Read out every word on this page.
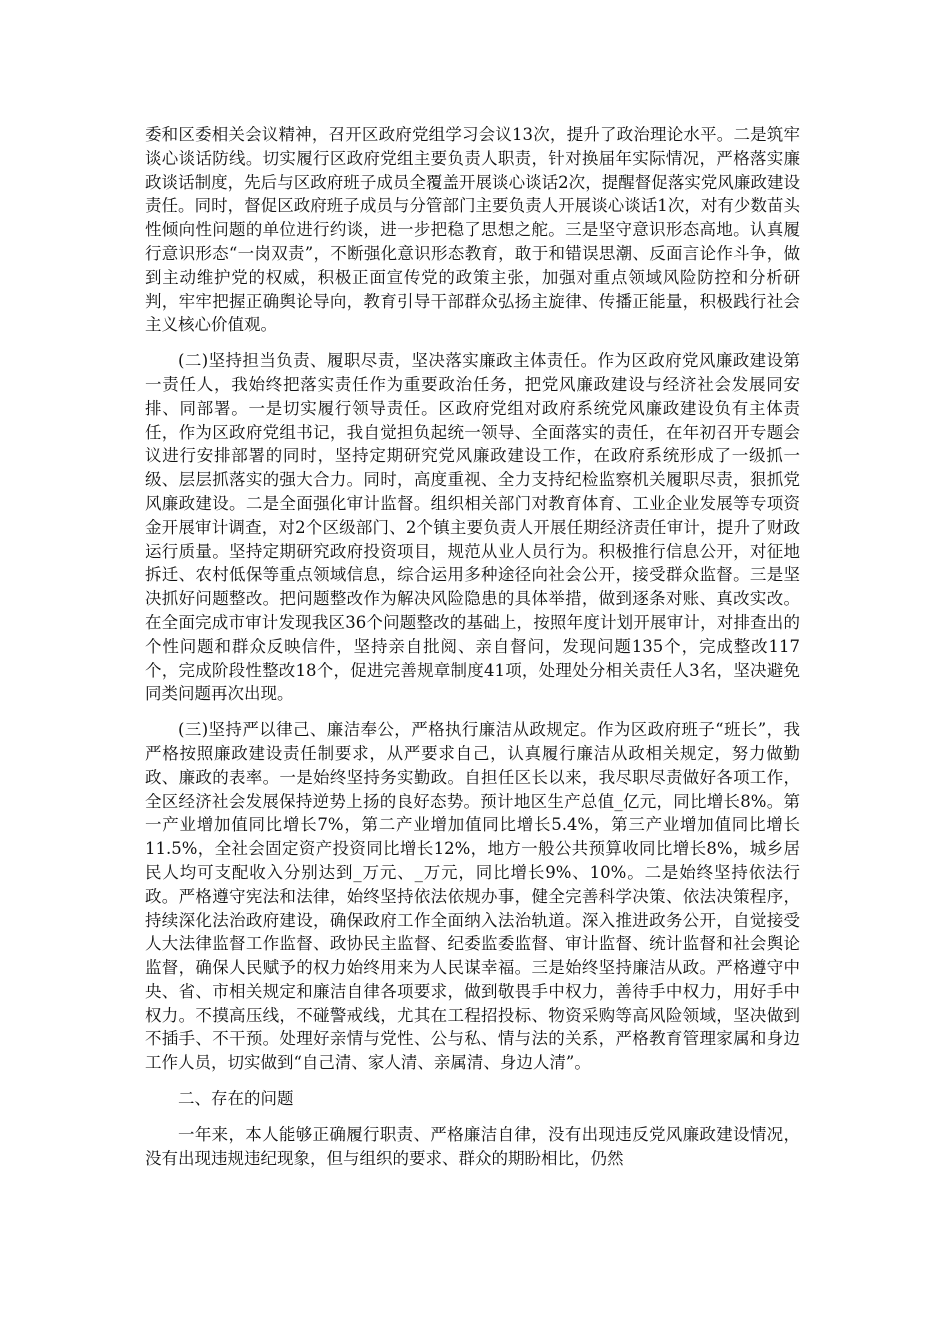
委和区委相关会议精神，召开区政府党组学习会议13次，提升了政治理论水平。二是筑牢谈心谈话防线。切实履行区政府党组主要负责人职责，针对换届年实际情况，严格落实廉政谈话制度，先后与区政府班子成员全覆盖开展谈心谈话2次，提醒督促落实党风廉政建设责任。同时，督促区政府班子成员与分管部门主要负责人开展谈心谈话1次，对有少数苗头性倾向性问题的单位进行约谈，进一步把稳了思想之舵。三是坚守意识形态高地。认真履行意识形态“一岗双责”，不断强化意识形态教育，敢于和错误思潮、反面言论作斗争，做到主动维护党的权威，积极正面宣传党的政策主张，加强对重点领域风险防控和分析研判，牢牢把握正确舆论导向，教育引导干部群众弘扬主旋律、传播正能量，积极践行社会主义核心价值观。

(二)坚持担当负责、履职尽责，坚决落实廉政主体责任。作为区政府党风廉政建设第一责任人，我始终把落实责任作为重要政治任务，把党风廉政建设与经济社会发展同安排、同部署。一是切实履行领导责任。区政府党组对政府系统党风廉政建设负有主体责任，作为区政府党组书记，我自觉担负起统一领导、全面落实的责任，在年初召开专题会议进行安排部署的同时，坚持定期研究党风廉政建设工作，在政府系统形成了一级抓一级、层层抓落实的强大合力。同时，高度重视、全力支持纪检监察机关履职尽责，狠抓党风廉政建设。二是全面强化审计监督。组织相关部门对教育体育、工业企业发展等专项资金开展审计调查，对2个区级部门、2个镇主要负责人开展任期经济责任审计，提升了财政运行质量。坚持定期研究政府投资项目，规范从业人员行为。积极推行信息公开，对征地拆迁、农村低保等重点领域信息，综合运用多种途径向社会公开，接受群众监督。三是坚决抓好问题整改。把问题整改作为解决风险隐患的具体举措，做到逐条对账、真改实改。在全面完成市审计发现我区36个问题整改的基础上，按照年度计划开展审计，对排查出的个性问题和群众反映信件，坚持亲自批阅、亲自督问，发现问题135个，完成整改117个，完成阶段性整改18个，促进完善规章制度41项，处理处分相关责任人3名，坚决避免同类问题再次出现。

(三)坚持严以律己、廉洁奉公，严格执行廉洁从政规定。作为区政府班子“班长”，我严格按照廉政建设责任制要求，从严要求自己，认真履行廉洁从政相关规定，努力做勤政、廉政的表率。一是始终坚持务实勤政。自担任区长以来，我尽职尽责做好各项工作，全区经济社会发展保持逆势上扬的良好态势。预计地区生产总值_亿元，同比增长8%。第一产业增加值同比增长7%，第二产业增加值同比增长5.4%，第三产业增加值同比增长11.5%，全社会固定资产投资同比增长12%，地方一般公共预算收同比增长8%，城乡居民人均可支配收入分别达到_万元、_万元，同比增长9%、10%。二是始终坚持依法行政。严格遵守宪法和法律，始终坚持依法依规办事，健全完善科学决策、依法决策程序，持续深化法治政府建设，确保政府工作全面纳入法治轨道。深入推进政务公开，自觉接受人大法律监督工作监督、政协民主监督、纪委监委监督、审计监督、统计监督和社会舆论监督，确保人民赋予的权力始终用来为人民谋幸福。三是始终坚持廉洁从政。严格遵守中央、省、市相关规定和廉洁自律各项要求，做到敬畏手中权力，善待手中权力，用好手中权力。不摸高压线，不碰警戒线，尤其在工程招投标、物资采购等高风险领域，坚决做到不插手、不干预。处理好亲情与党性、公与私、情与法的关系，严格教育管理家属和身边工作人员，切实做到“自己清、家人清、亲属清、身边人清”。

二、存在的问题

一年来，本人能够正确履行职责、严格廉洁自律，没有出现违反党风廉政建设情况，没有出现违规违纪现象，但与组织的要求、群众的期盼相比，仍然
